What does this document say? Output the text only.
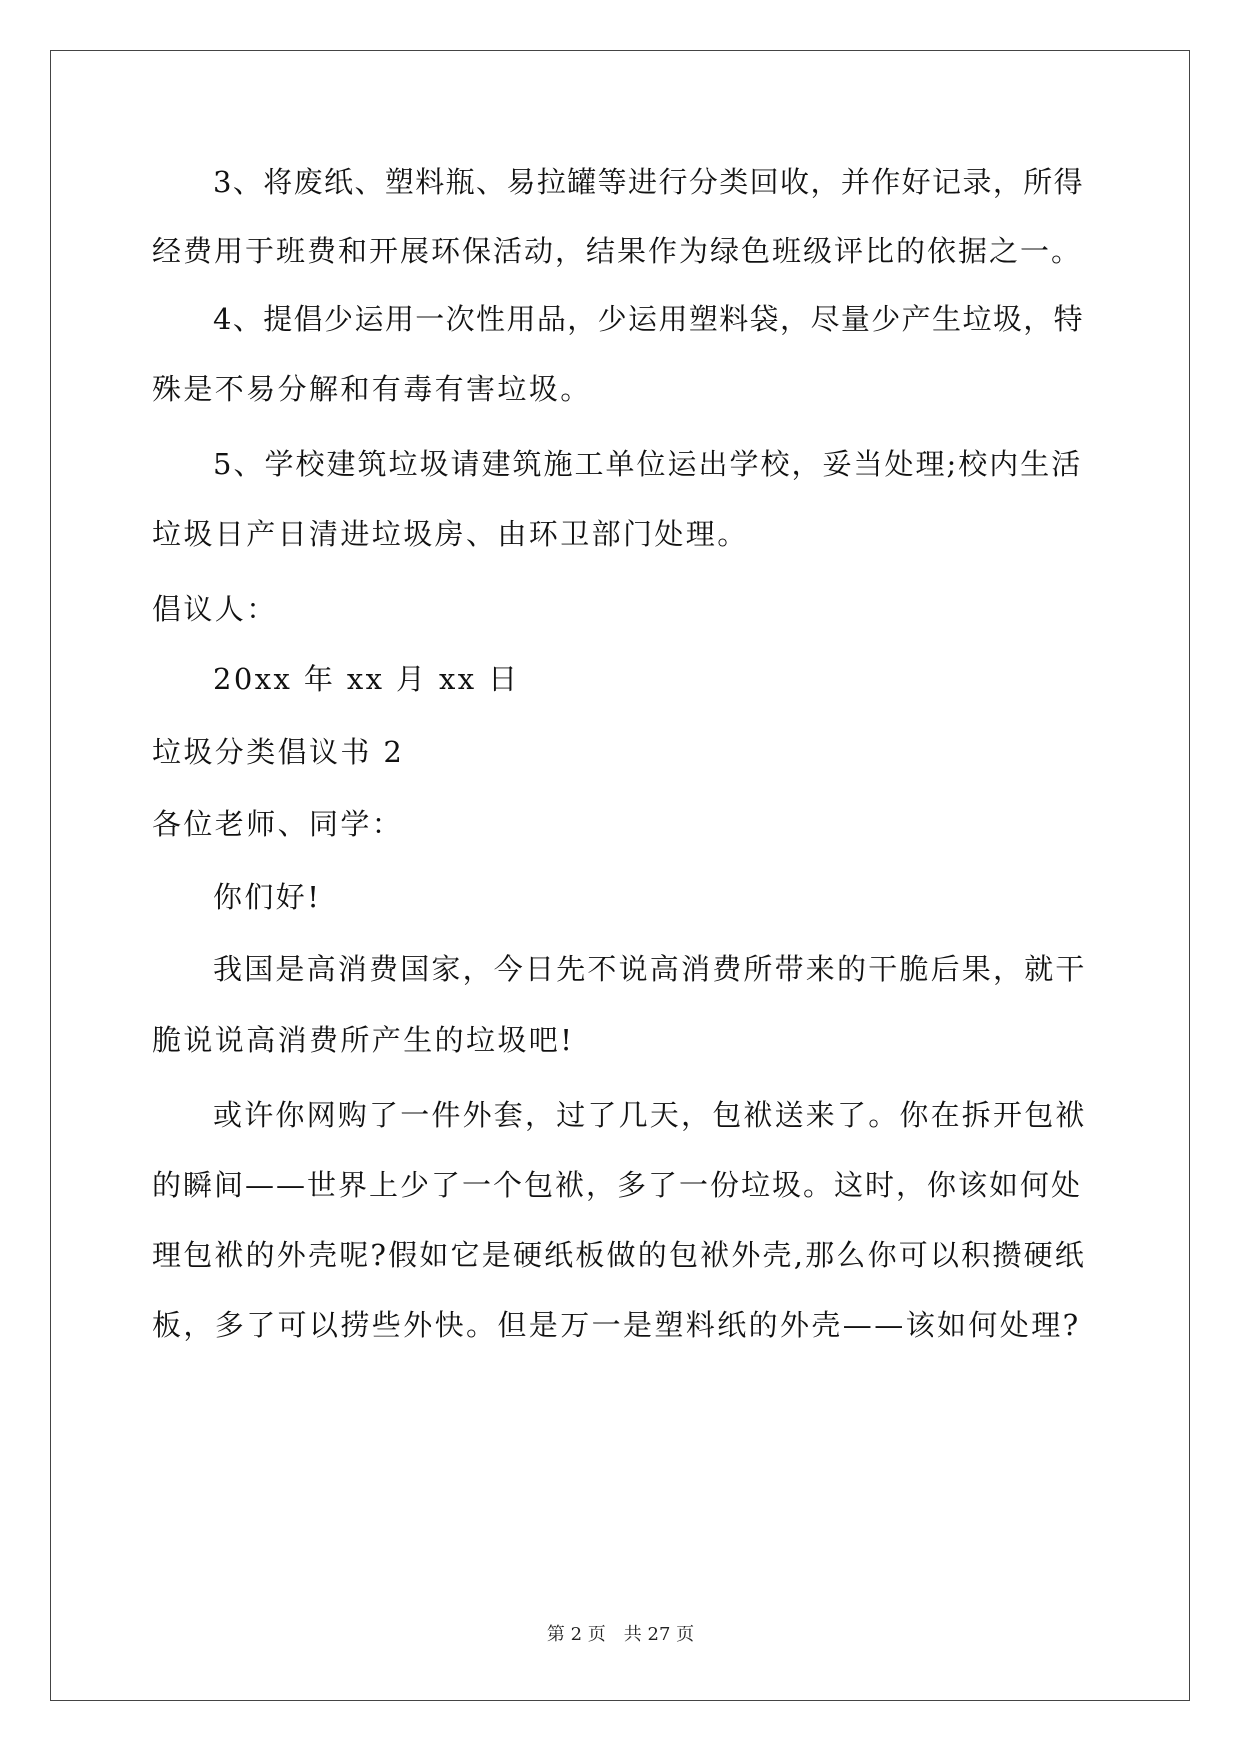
3、将废纸、塑料瓶、易拉罐等进行分类回收，并作好记录，所得
经费用于班费和开展环保活动，结果作为绿色班级评比的依据之一。
4、提倡少运用一次性用品，少运用塑料袋，尽量少产生垃圾，特
殊是不易分解和有毒有害垃圾。
5、学校建筑垃圾请建筑施工单位运出学校，妥当处理;校内生活
垃圾日产日清进垃圾房、由环卫部门处理。
倡议人：
20xx 年 xx 月 xx 日
垃圾分类倡议书 2
各位老师、同学：
你们好!
我国是高消费国家，今日先不说高消费所带来的干脆后果，就干
脆说说高消费所产生的垃圾吧!
或许你网购了一件外套，过了几天，包袱送来了。你在拆开包袱
的瞬间——世界上少了一个包袱，多了一份垃圾。这时，你该如何处
理包袱的外壳呢?假如它是硬纸板做的包袱外壳,那么你可以积攒硬纸
板，多了可以捞些外快。但是万一是塑料纸的外壳——该如何处理?
第 2 页　共 27 页
